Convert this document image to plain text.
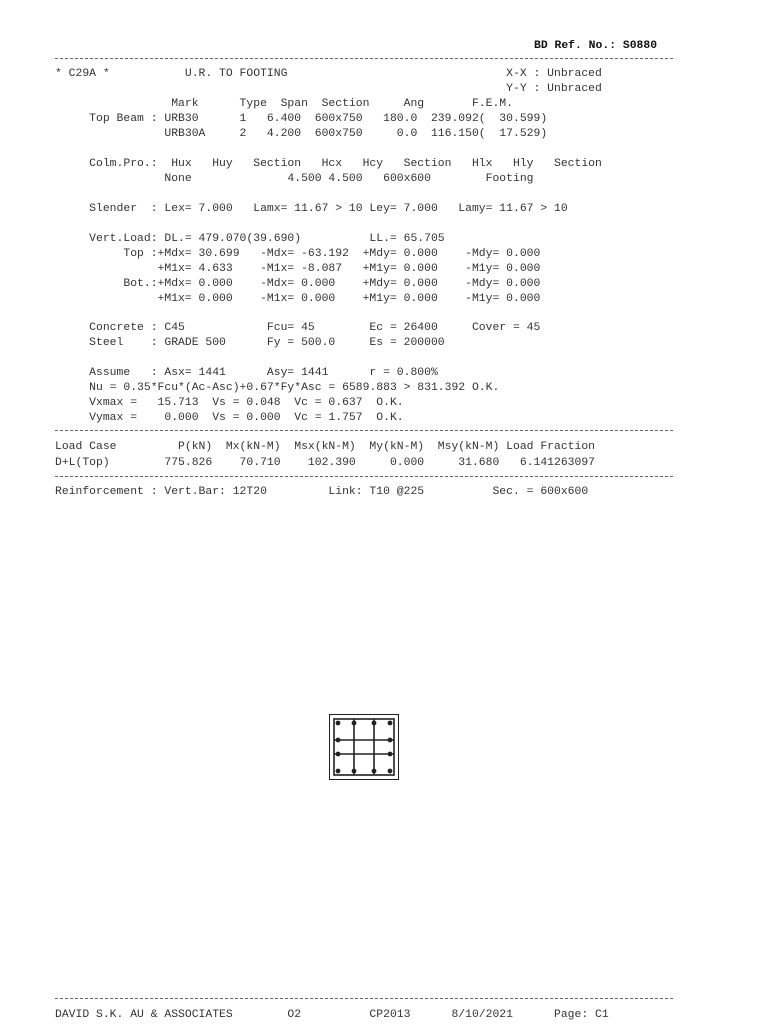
BD Ref. No.: S0880
* C29A *           U.R. TO FOOTING                                X-X : Unbraced
Y-Y : Unbraced
Mark      Type  Span  Section     Ang       F.E.M.
Top Beam : URB30      1   6.400  600x750   180.0  239.092(  30.599)
URB30A     2   4.200  600x750     0.0  116.150(  17.529)
Colm.Pro.:  Hux   Huy   Section   Hcx   Hcy   Section   Hlx   Hly   Section
None              4.500 4.500   600x600        Footing
Slender  : Lex= 7.000   Lamx= 11.67 > 10 Ley= 7.000   Lamy= 11.67 > 10
Vert.Load: DL.= 479.070(39.690)          LL.= 65.705
Top :+Mdx= 30.699   -Mdx= -63.192  +Mdy= 0.000    -Mdy= 0.000
+M1x= 4.633    -M1x= -8.087   +M1y= 0.000    -M1y= 0.000
Bot.:+Mdx= 0.000    -Mdx= 0.000    +Mdy= 0.000    -Mdy= 0.000
+M1x= 0.000    -M1x= 0.000    +M1y= 0.000    -M1y= 0.000
Concrete : C45            Fcu= 45        Ec = 26400     Cover = 45
Steel    : GRADE 500      Fy = 500.0     Es = 200000
Assume   : Asx= 1441      Asy= 1441      r = 0.800%
Nu = 0.35*Fcu*(Ac-Asc)+0.67*Fy*Asc = 6589.883 > 831.392 O.K.
Vxmax =   15.713  Vs = 0.048  Vc = 0.637  O.K.
Vymax =    0.000  Vs = 0.000  Vc = 1.757  O.K.
Load Case         P(kN)  Mx(kN-M)  Msx(kN-M)  My(kN-M)  Msy(kN-M) Load Fraction
D+L(Top)        775.826    70.710    102.390     0.000     31.680   6.141263097
Reinforcement : Vert.Bar: 12T20         Link: T10 @225          Sec. = 600x600
DAVID S.K. AU & ASSOCIATES        O2          CP2013      8/10/2021      Page: C1
